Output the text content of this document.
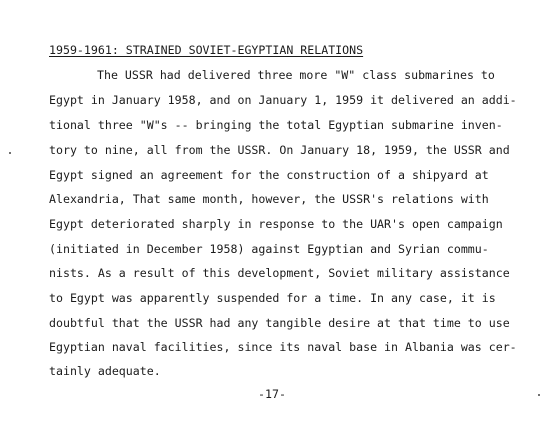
1959-1961: STRAINED SOVIET-EGYPTIAN RELATIONS
The USSR had delivered three more "W" class submarines to
Egypt in January 1958, and on January 1, 1959 it delivered an addi-
tional three "W"s -- bringing the total Egyptian submarine inven-
tory to nine, all from the USSR. On January 18, 1959, the USSR and
Egypt signed an agreement for the construction of a shipyard at
Alexandria, That same month, however, the USSR's relations with
Egypt deteriorated sharply in response to the UAR's open campaign
(initiated in December 1958) against Egyptian and Syrian commu-
nists. As a result of this development, Soviet military assistance
to Egypt was apparently suspended for a time. In any case, it is
doubtful that the USSR had any tangible desire at that time to use
Egyptian naval facilities, since its naval base in Albania was cer-
tainly adequate.
-17-
